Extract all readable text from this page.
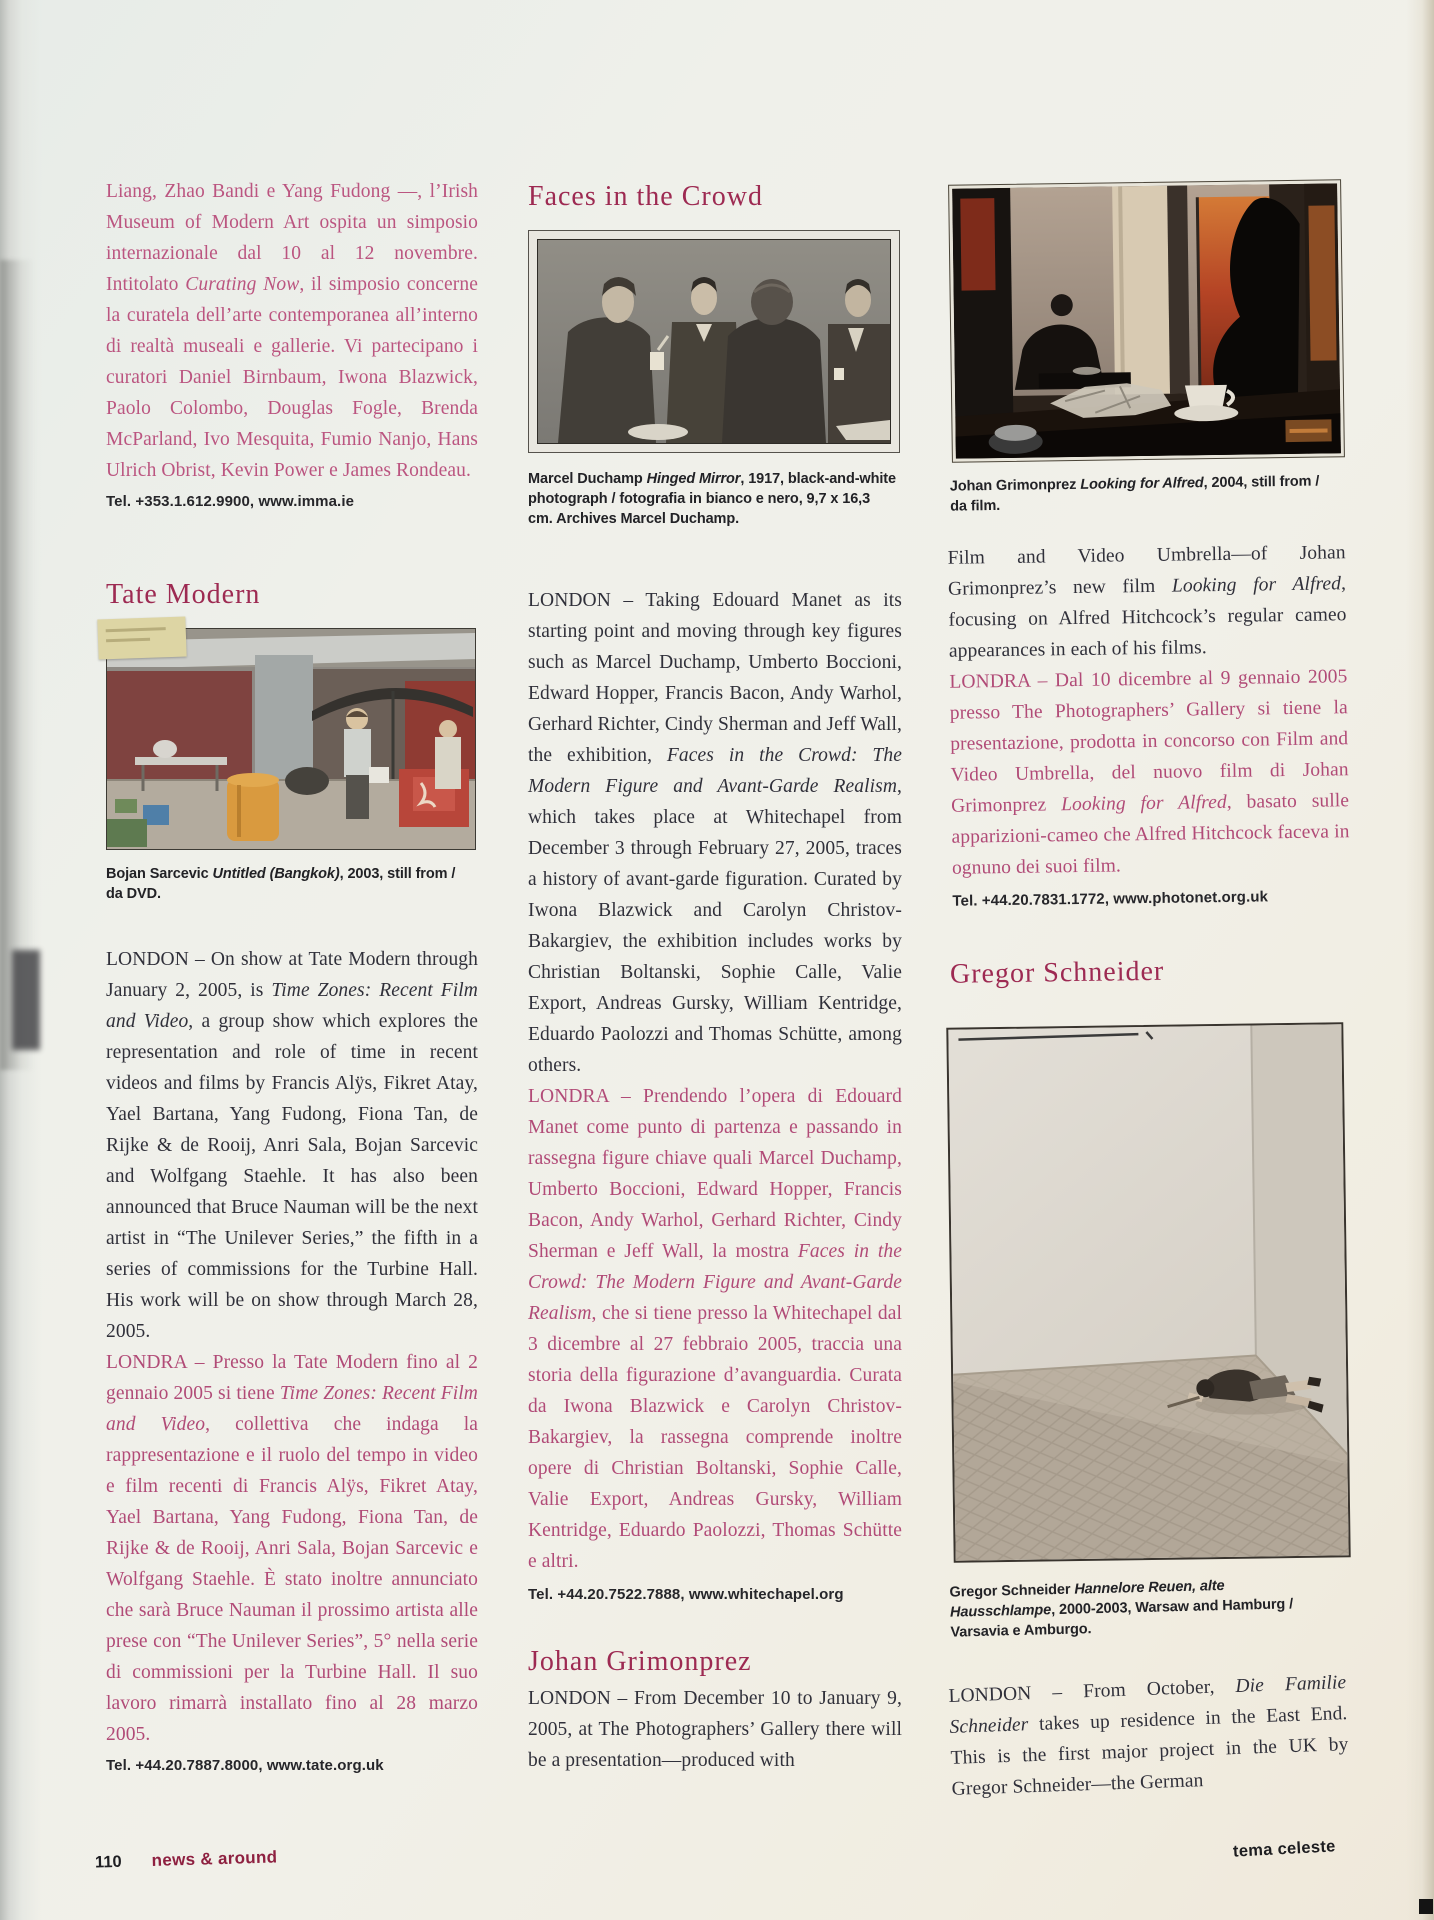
Liang, Zhao Bandi e Yang Fudong —, l’Irish Museum of Modern Art ospita un simposio internazionale dal 10 al 12 novembre. Intitolato Curating Now, il simposio concerne la curatela dell’arte contemporanea all’interno di realtà museali e gallerie. Vi partecipano i curatori Daniel Birnbaum, Iwona Blazwick, Paolo Colombo, Douglas Fogle, Brenda McParland, Ivo Mesquita, Fumio Nanjo, Hans Ulrich Obrist, Kevin Power e James Rondeau.

Tel. +353.1.612.9900, www.imma.ie

Tate Modern

Bojan Sarcevic Untitled (Bangkok), 2003, still from / da DVD.

LONDON – On show at Tate Modern through January 2, 2005, is Time Zones: Recent Film and Video, a group show which explores the representation and role of time in recent videos and films by Francis Alÿs, Fikret Atay, Yael Bartana, Yang Fudong, Fiona Tan, de Rijke & de Rooij, Anri Sala, Bojan Sarcevic and Wolfgang Staehle. It has also been announced that Bruce Nauman will be the next artist in “The Unilever Series,” the fifth in a series of commissions for the Turbine Hall. His work will be on show through March 28, 2005.

LONDRA – Presso la Tate Modern fino al 2 gennaio 2005 si tiene Time Zones: Recent Film and Video, collettiva che indaga la rappresentazione e il ruolo del tempo in video e film recenti di Francis Alÿs, Fikret Atay, Yael Bartana, Yang Fudong, Fiona Tan, de Rijke & de Rooij, Anri Sala, Bojan Sarcevic e Wolfgang Staehle. È stato inoltre annunciato che sarà Bruce Nauman il prossimo artista alle prese con “The Unilever Series”, 5° nella serie di commissioni per la Turbine Hall. Il suo lavoro rimarrà installato fino al 28 marzo 2005.

Tel. +44.20.7887.8000, www.tate.org.uk

Faces in the Crowd

Marcel Duchamp Hinged Mirror, 1917, black-and-white photograph / fotografia in bianco e nero, 9,7 x 16,3 cm. Archives Marcel Duchamp.

LONDON – Taking Edouard Manet as its starting point and moving through key figures such as Marcel Duchamp, Umberto Boccioni, Edward Hopper, Francis Bacon, Andy Warhol, Gerhard Richter, Cindy Sherman and Jeff Wall, the exhibition, Faces in the Crowd: The Modern Figure and Avant-Garde Realism, which takes place at Whitechapel from December 3 through February 27, 2005, traces a history of avant-garde figuration. Curated by Iwona Blazwick and Carolyn Christov-Bakargiev, the exhibition includes works by Christian Boltanski, Sophie Calle, Valie Export, Andreas Gursky, William Kentridge, Eduardo Paolozzi and Thomas Schütte, among others.

LONDRA – Prendendo l’opera di Edouard Manet come punto di partenza e passando in rassegna figure chiave quali Marcel Duchamp, Umberto Boccioni, Edward Hopper, Francis Bacon, Andy Warhol, Gerhard Richter, Cindy Sherman e Jeff Wall, la mostra Faces in the Crowd: The Modern Figure and Avant-Garde Realism, che si tiene presso la Whitechapel dal 3 dicembre al 27 febbraio 2005, traccia una storia della figurazione d’avanguardia. Curata da Iwona Blazwick e Carolyn Christov-Bakargiev, la rassegna comprende inoltre opere di Christian Boltanski, Sophie Calle, Valie Export, Andreas Gursky, William Kentridge, Eduardo Paolozzi, Thomas Schütte e altri.

Tel. +44.20.7522.7888, www.whitechapel.org

Johan Grimonprez

LONDON – From December 10 to January 9, 2005, at The Photographers’ Gallery there will be a presentation—produced with

Johan Grimonprez Looking for Alfred, 2004, still from / da film.

Film and Video Umbrella—of Johan Grimonprez’s new film Looking for Alfred, focusing on Alfred Hitchcock’s regular cameo appearances in each of his films.

LONDRA – Dal 10 dicembre al 9 gennaio 2005 presso The Photographers’ Gallery si tiene la presentazione, prodotta in concorso con Film and Video Umbrella, del nuovo film di Johan Grimonprez Looking for Alfred, basato sulle apparizioni-cameo che Alfred Hitchcock faceva in ognuno dei suoi film.

Tel. +44.20.7831.1772, www.photonet.org.uk

Gregor Schneider

Gregor Schneider Hannelore Reuen, alte Hausschlampe, 2000-2003, Warsaw and Hamburg / Varsavia e Amburgo.

LONDON – From October, Die Familie Schneider takes up residence in the East End. This is the first major project in the UK by Gregor Schneider—the German

110 news & around	tema celeste
